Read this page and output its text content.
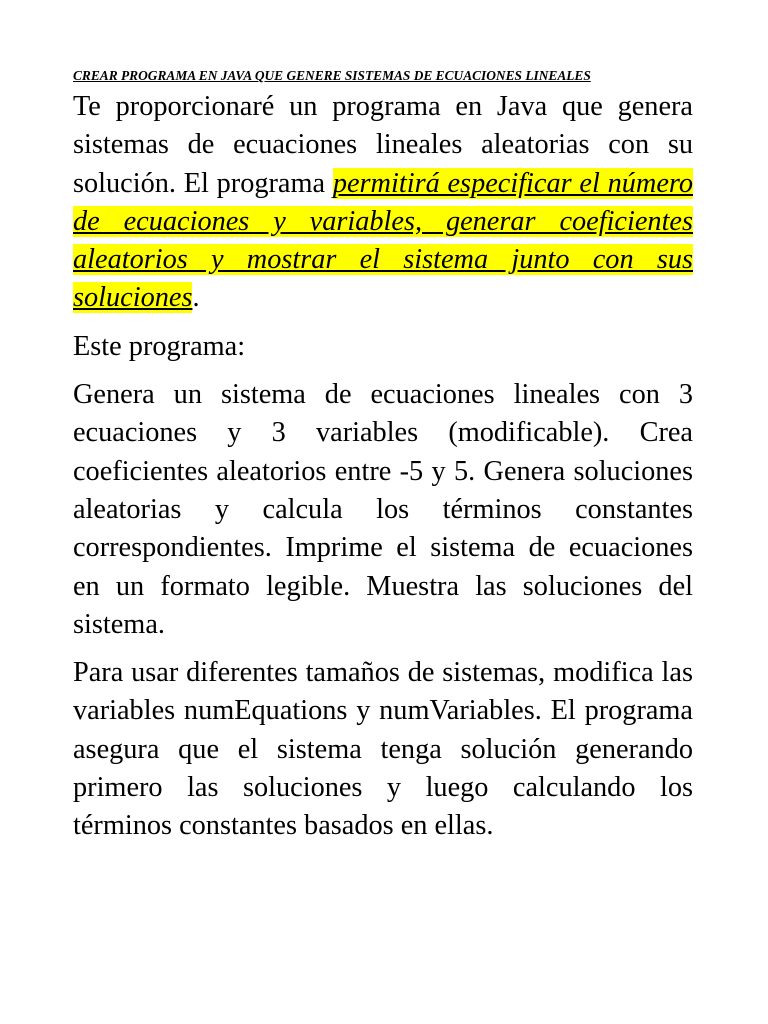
CREAR PROGRAMA EN JAVA QUE GENERE SISTEMAS DE ECUACIONES LINEALES

Te proporcionaré un programa en Java que genera sistemas de ecuaciones lineales aleatorias con su solución. El programa permitirá especificar el número de ecuaciones y variables, generar coeficientes aleatorios y mostrar el sistema junto con sus soluciones.

Este programa:

Genera un sistema de ecuaciones lineales con 3 ecuaciones y 3 variables (modificable). Crea coeficientes aleatorios entre -5 y 5. Genera soluciones aleatorias y calcula los términos constantes correspondientes. Imprime el sistema de ecuaciones en un formato legible. Muestra las soluciones del sistema.

Para usar diferentes tamaños de sistemas, modifica las variables numEquations y numVariables. El programa asegura que el sistema tenga solución generando primero las soluciones y luego calculando los términos constantes basados en ellas.
